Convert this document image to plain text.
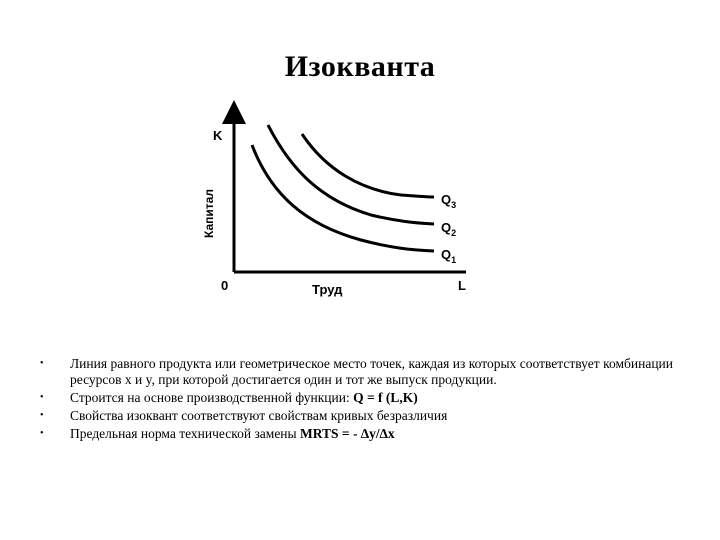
Изокванта
K
Капитал
0	Труд	L
$Q_1$
$Q_2$
$Q_3$
• Линия равного продукта или геометрическое место точек, каждая из которых соответствует комбинации ресурсов x и y, при которой достигается один и тот же выпуск продукции.
• Строится на основе производственной функции: Q = f (L,K)
• Свойства изоквант соответствуют свойствам кривых безразличия
• Предельная норма технической замены MRTS = - ∆y/∆x
